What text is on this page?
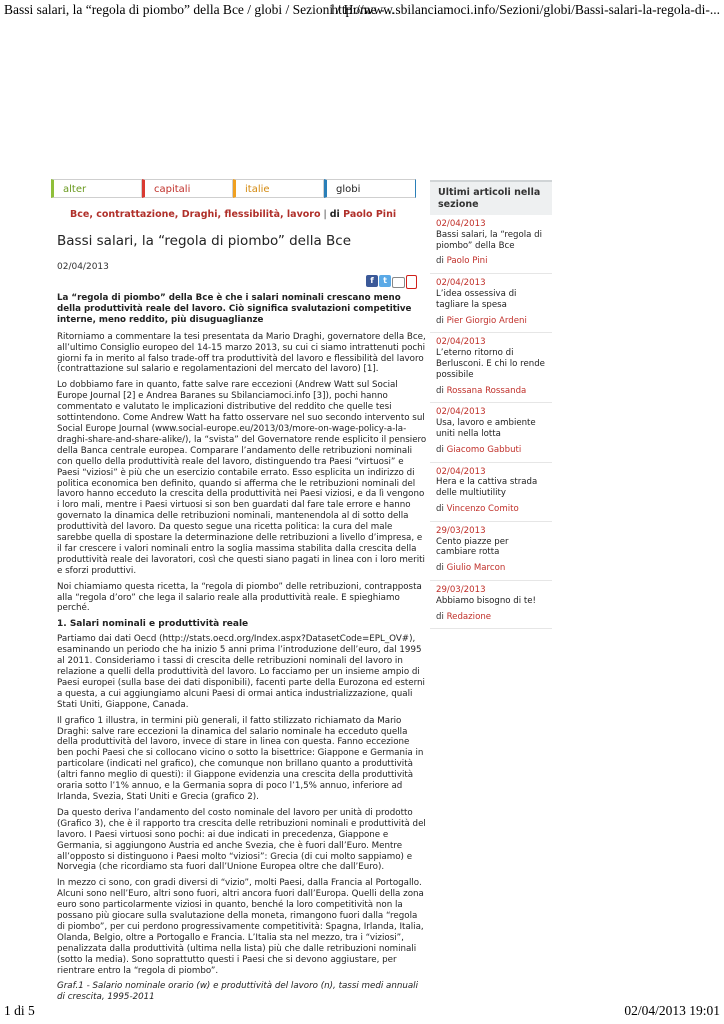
Bassi salari, la “regola di piombo” della Bce / globi / Sezioni / Home -...
http://www.sbilanciamoci.info/Sezioni/globi/Bassi-salari-la-regola-di-...
alter	capitali	italie	globi
Bce, contrattazione, Draghi, flessibilità, lavoro | di Paolo Pini
Bassi salari, la “regola di piombo” della Bce
02/04/2013
f	t

La “regola di piombo” della Bce è che i salari nominali crescano meno della produttività reale del lavoro. Ciò significa svalutazioni competitive interne, meno reddito, più disuguaglianze

Ritorniamo a commentare la tesi presentata da Mario Draghi, governatore della Bce, all’ultimo Consiglio europeo del 14-15 marzo 2013, su cui ci siamo intrattenuti pochi giorni fa in merito al falso trade-off tra produttività del lavoro e flessibilità del lavoro (contrattazione sul salario e regolamentazioni del mercato del lavoro) [1].

Lo dobbiamo fare in quanto, fatte salve rare eccezioni (Andrew Watt sul Social Europe Journal [2] e Andrea Baranes su Sbilanciamoci.info [3]), pochi hanno commentato e valutato le implicazioni distributive del reddito che quelle tesi sottintendono. Come Andrew Watt ha fatto osservare nel suo secondo intervento sul Social Europe Journal (www.social-europe.eu/2013/03/more-on-wage-policy-a-la-draghi-share-and-share-alike/), la “svista” del Governatore rende esplicito il pensiero della Banca centrale europea. Comparare l’andamento delle retribuzioni nominali con quello della produttività reale del lavoro, distinguendo tra Paesi “virtuosi” e Paesi “viziosi” è più che un esercizio contabile errato. Esso esplicita un indirizzo di politica economica ben definito, quando si afferma che le retribuzioni nominali del lavoro hanno ecceduto la crescita della produttività nei Paesi viziosi, e da lì vengono i loro mali, mentre i Paesi virtuosi si son ben guardati dal fare tale errore e hanno governato la dinamica delle retribuzioni nominali, mantenendola al di sotto della produttività del lavoro. Da questo segue una ricetta politica: la cura del male sarebbe quella di spostare la determinazione delle retribuzioni a livello d’impresa, e il far crescere i valori nominali entro la soglia massima stabilita dalla crescita della produttività reale dei lavoratori, così che questi siano pagati in linea con i loro meriti e sforzi produttivi.

Noi chiamiamo questa ricetta, la “regola di piombo” delle retribuzioni, contrapposta alla “regola d’oro” che lega il salario reale alla produttività reale. E spieghiamo perché.

1. Salari nominali e produttività reale

Partiamo dai dati Oecd (http://stats.oecd.org/Index.aspx?DatasetCode=EPL_OV#), esaminando un periodo che ha inizio 5 anni prima l’introduzione dell’euro, dal 1995 al 2011. Consideriamo i tassi di crescita delle retribuzioni nominali del lavoro in relazione a quelli della produttività del lavoro. Lo facciamo per un insieme ampio di Paesi europei (sulla base dei dati disponibili), facenti parte della Eurozona ed esterni a questa, a cui aggiungiamo alcuni Paesi di ormai antica industrializzazione, quali Stati Uniti, Giappone, Canada.

Il grafico 1 illustra, in termini più generali, il fatto stilizzato richiamato da Mario Draghi: salve rare eccezioni la dinamica del salario nominale ha ecceduto quella della produttività del lavoro, invece di stare in linea con questa. Fanno eccezione ben pochi Paesi che si collocano vicino o sotto la bisettrice: Giappone e Germania in particolare (indicati nel grafico), che comunque non brillano quanto a produttività (altri fanno meglio di questi): il Giappone evidenzia una crescita della produttività oraria sotto l’1% annuo, e la Germania sopra di poco l’1,5% annuo, inferiore ad Irlanda, Svezia, Stati Uniti e Grecia (grafico 2).

Da questo deriva l’andamento del costo nominale del lavoro per unità di prodotto (Grafico 3), che è il rapporto tra crescita delle retribuzioni nominali e produttività del lavoro. I Paesi virtuosi sono pochi: ai due indicati in precedenza, Giappone e Germania, si aggiungono Austria ed anche Svezia, che è fuori dall’Euro. Mentre all’opposto si distinguono i Paesi molto “viziosi”: Grecia (di cui molto sappiamo) e Norvegia (che ricordiamo sta fuori dall’Unione Europea oltre che dall’Euro).

In mezzo ci sono, con gradi diversi di “vizio”, molti Paesi, dalla Francia al Portogallo. Alcuni sono nell’Euro, altri sono fuori, altri ancora fuori dall’Europa. Quelli della zona euro sono particolarmente viziosi in quanto, benché la loro competitività non la possano più giocare sulla svalutazione della moneta, rimangono fuori dalla “regola di piombo”, per cui perdono progressivamente competitività: Spagna, Irlanda, Italia, Olanda, Belgio, oltre a Portogallo e Francia. L’Italia sta nel mezzo, tra i “viziosi”, penalizzata dalla produttività (ultima nella lista) più che dalle retribuzioni nominali (sotto la media). Sono soprattutto questi i Paesi che si devono aggiustare, per rientrare entro la “regola di piombo”.

Graf.1 - Salario nominale orario (w) e produttività del lavoro (n), tassi medi annuali di crescita, 1995-2011

Ultimi articoli nella sezione
02/04/2013
Bassi salari, la “regola di piombo” della Bce
di Paolo Pini
02/04/2013
L’idea ossessiva di tagliare la spesa
di Pier Giorgio Ardeni
02/04/2013
L’eterno ritorno di Berlusconi. E chi lo rende possibile
di Rossana Rossanda
02/04/2013
Usa, lavoro e ambiente uniti nella lotta
di Giacomo Gabbuti
02/04/2013
Hera e la cattiva strada delle multiutility
di Vincenzo Comito
29/03/2013
Cento piazze per cambiare rotta
di Giulio Marcon
29/03/2013
Abbiamo bisogno di te!
di Redazione
1 di 5	02/04/2013 19:01
